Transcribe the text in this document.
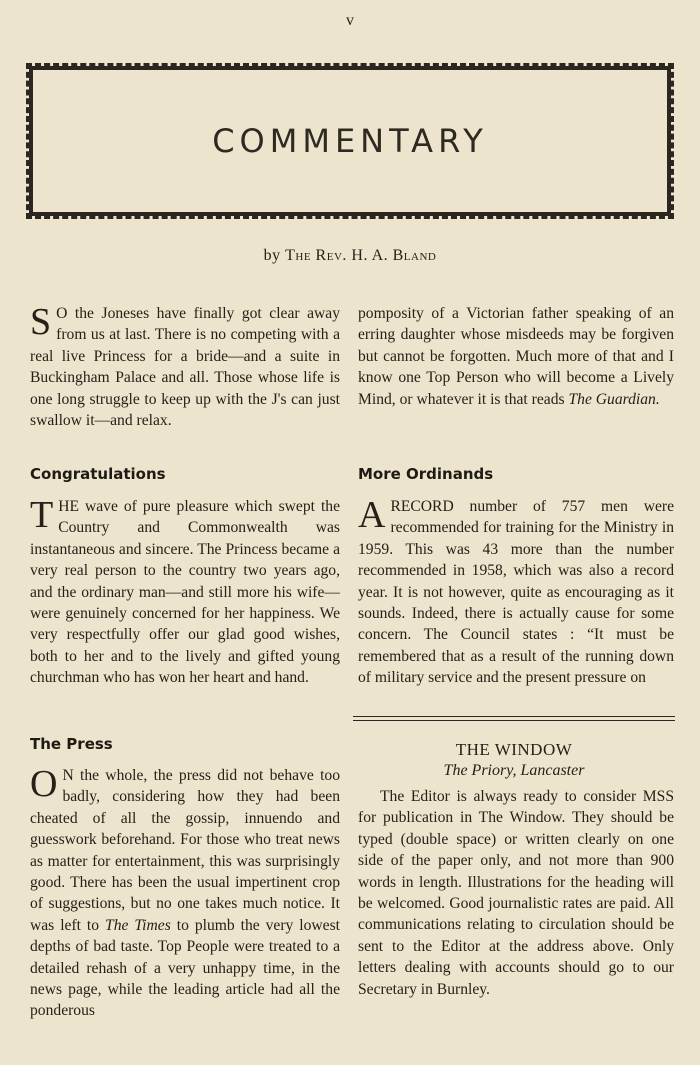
v
COMMENTARY
by The Rev. H. A. Bland

S O the Joneses have finally got clear away from us at last. There is no competing with a real live Princess for a bride—and a suite in Buckingham Palace and all. Those whose life is one long struggle to keep up with the J's can just swallow it—and relax.

Congratulations

THE wave of pure pleasure which swept the Country and Commonwealth was instantaneous and sincere. The Princess became a very real person to the country two years ago, and the ordinary man—and still more his wife—were genuinely concerned for her happiness. We very respectfully offer our glad good wishes, both to her and to the lively and gifted young churchman who has won her heart and hand.

The Press

O N the whole, the press did not behave too badly, considering how they had been cheated of all the gossip, innuendo and guesswork beforehand. For those who treat news as matter for entertainment, this was surprisingly good. There has been the usual impertinent crop of suggestions, but no one takes much notice. It was left to The Times to plumb the very lowest depths of bad taste. Top People were treated to a detailed rehash of a very unhappy time, in the news page, while the leading article had all the ponderous

pomposity of a Victorian father speaking of an erring daughter whose misdeeds may be forgiven but cannot be forgotten. Much more of that and I know one Top Person who will become a Lively Mind, or whatever it is that reads The Guardian.

More Ordinands

ARECORD number of 757 men were recommended for training for the Ministry in 1959. This was 43 more than the number recommended in 1958, which was also a record year. It is not however, quite as encouraging as it sounds. Indeed, there is actually cause for some concern. The Council states : “It must be remembered that as a result of the running down of military service and the present pressure on

THE WINDOW
The Priory, Lancaster

The Editor is always ready to consider MSS for publication in The Window. They should be typed (double space) or written clearly on one side of the paper only, and not more than 900 words in length. Illustrations for the heading will be welcomed. Good journalistic rates are paid. All communications relating to circulation should be sent to the Editor at the address above. Only letters dealing with accounts should go to our Secretary in Burnley.
